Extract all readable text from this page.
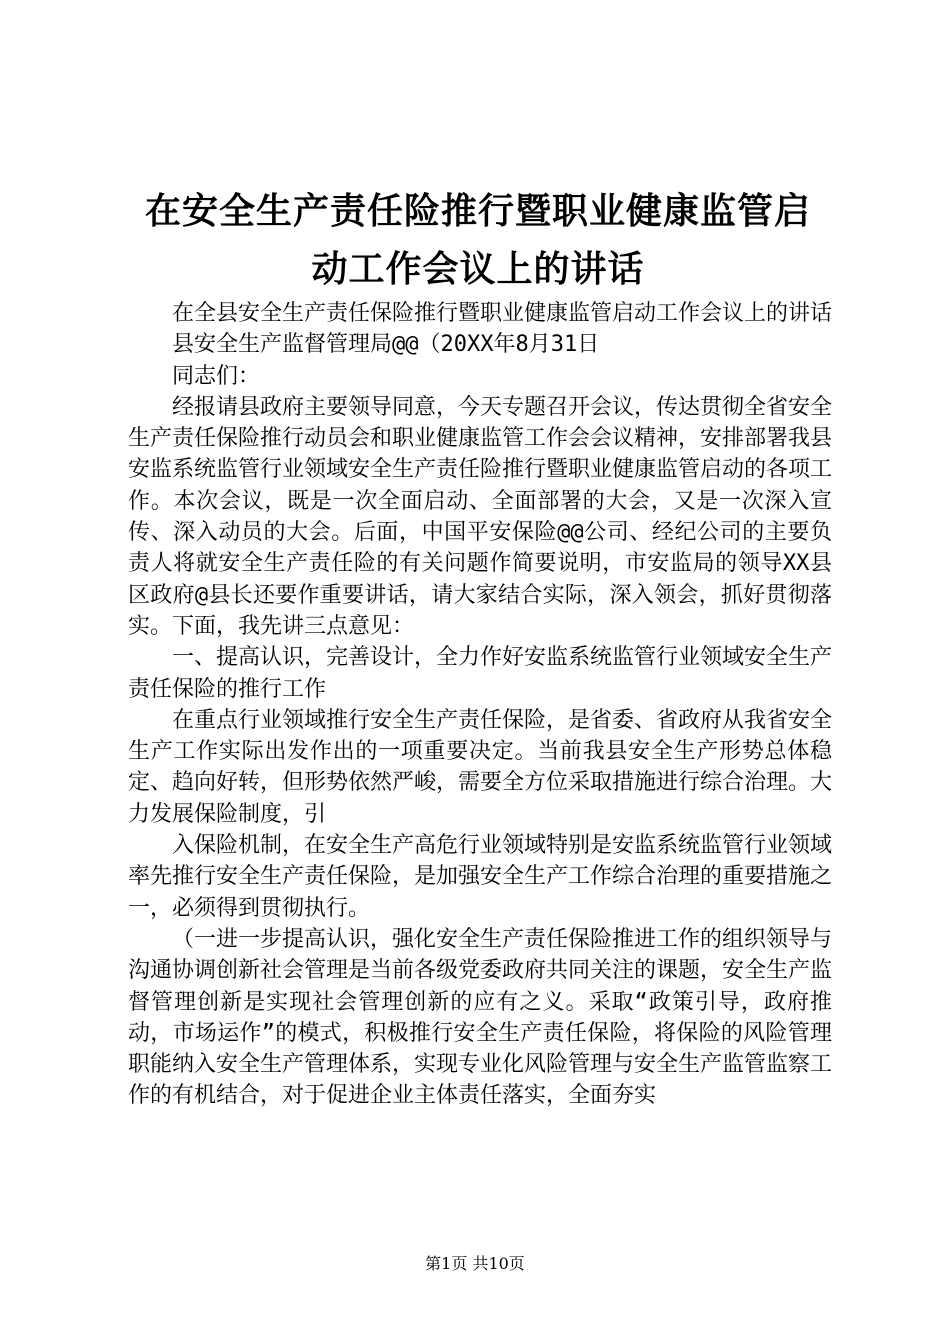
在安全生产责任险推行暨职业健康监管启动工作会议上的讲话

在全县安全生产责任保险推行暨职业健康监管启动工作会议上的讲话

县安全生产监督管理局@@（20XX年8月31日

同志们：

经报请县政府主要领导同意，今天专题召开会议，传达贯彻全省安全生产责任保险推行动员会和职业健康监管工作会会议精神，安排部署我县安监系统监管行业领域安全生产责任险推行暨职业健康监管启动的各项工作。本次会议，既是一次全面启动、全面部署的大会，又是一次深入宣传、深入动员的大会。后面，中国平安保险@@公司、经纪公司的主要负责人将就安全生产责任险的有关问题作简要说明，市安监局的领导XX县区政府@县长还要作重要讲话，请大家结合实际，深入领会，抓好贯彻落实。下面，我先讲三点意见：

一、提高认识，完善设计，全力作好安监系统监管行业领域安全生产责任保险的推行工作

在重点行业领域推行安全生产责任保险，是省委、省政府从我省安全生产工作实际出发作出的一项重要决定。当前我县安全生产形势总体稳定、趋向好转，但形势依然严峻，需要全方位采取措施进行综合治理。大力发展保险制度，引

入保险机制，在安全生产高危行业领域特别是安监系统监管行业领域率先推行安全生产责任保险，是加强安全生产工作综合治理的重要措施之一，必须得到贯彻执行。

（一进一步提高认识，强化安全生产责任保险推进工作的组织领导与沟通协调创新社会管理是当前各级党委政府共同关注的课题，安全生产监督管理创新是实现社会管理创新的应有之义。采取“政策引导，政府推动，市场运作”的模式，积极推行安全生产责任保险，将保险的风险管理职能纳入安全生产管理体系，实现专业化风险管理与安全生产监管监察工作的有机结合，对于促进企业主体责任落实，全面夯实

第1页 共10页
